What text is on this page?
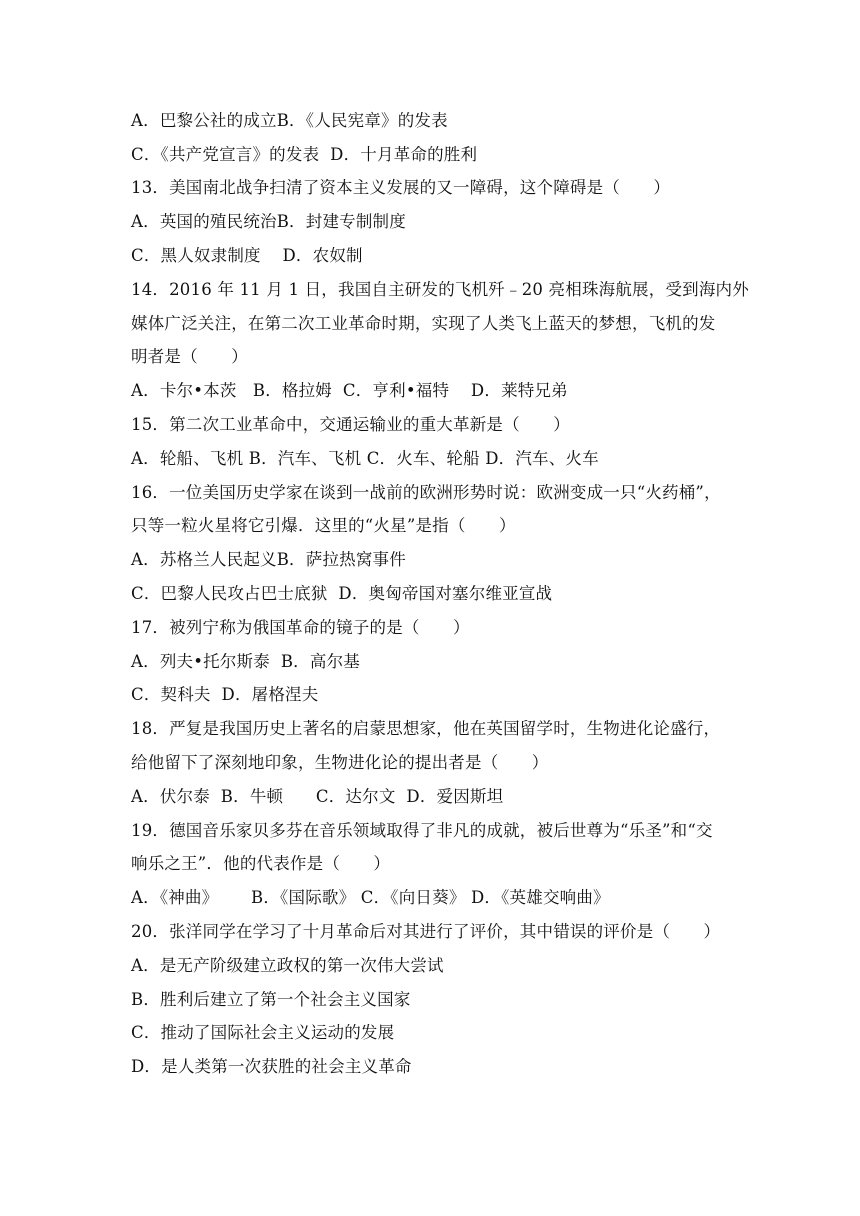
A．巴黎公社的成立B．《人民宪章》的发表
C．《共产党宣言》的发表  D．十月革命的胜利
13．美国南北战争扫清了资本主义发展的又一障碍，这个障碍是（　　）
A．英国的殖民统治B．封建专制制度
C．黑人奴隶制度    D．农奴制
14．2016 年 11 月 1 日，我国自主研发的飞机歼﹣20 亮相珠海航展，受到海内外
媒体广泛关注，在第二次工业革命时期，实现了人类飞上蓝天的梦想，飞机的发
明者是（　　）
A．卡尔•本茨   B．格拉姆  C．亨利•福特    D．莱特兄弟
15．第二次工业革命中，交通运输业的重大革新是（　　）
A．轮船、飞机 B．汽车、飞机 C．火车、轮船 D．汽车、火车
16．一位美国历史学家在谈到一战前的欧洲形势时说：欧洲变成一只“火药桶”，
只等一粒火星将它引爆．这里的“火星”是指（　　）
A．苏格兰人民起义B．萨拉热窝事件
C．巴黎人民攻占巴士底狱  D．奥匈帝国对塞尔维亚宣战
17．被列宁称为俄国革命的镜子的是（　　）
A．列夫•托尔斯泰  B．高尔基
C．契科夫  D．屠格涅夫
18．严复是我国历史上著名的启蒙思想家，他在英国留学时，生物进化论盛行，
给他留下了深刻地印象，生物进化论的提出者是（　　）
A．伏尔泰  B．牛顿      C．达尔文  D．爱因斯坦
19．德国音乐家贝多芬在音乐领域取得了非凡的成就，被后世尊为“乐圣”和“交
响乐之王”．他的代表作是（　　）
A．《神曲》      B．《国际歌》 C．《向日葵》 D．《英雄交响曲》
20．张洋同学在学习了十月革命后对其进行了评价，其中错误的评价是（　　）
A．是无产阶级建立政权的第一次伟大尝试
B．胜利后建立了第一个社会主义国家
C．推动了国际社会主义运动的发展
D．是人类第一次获胜的社会主义革命
